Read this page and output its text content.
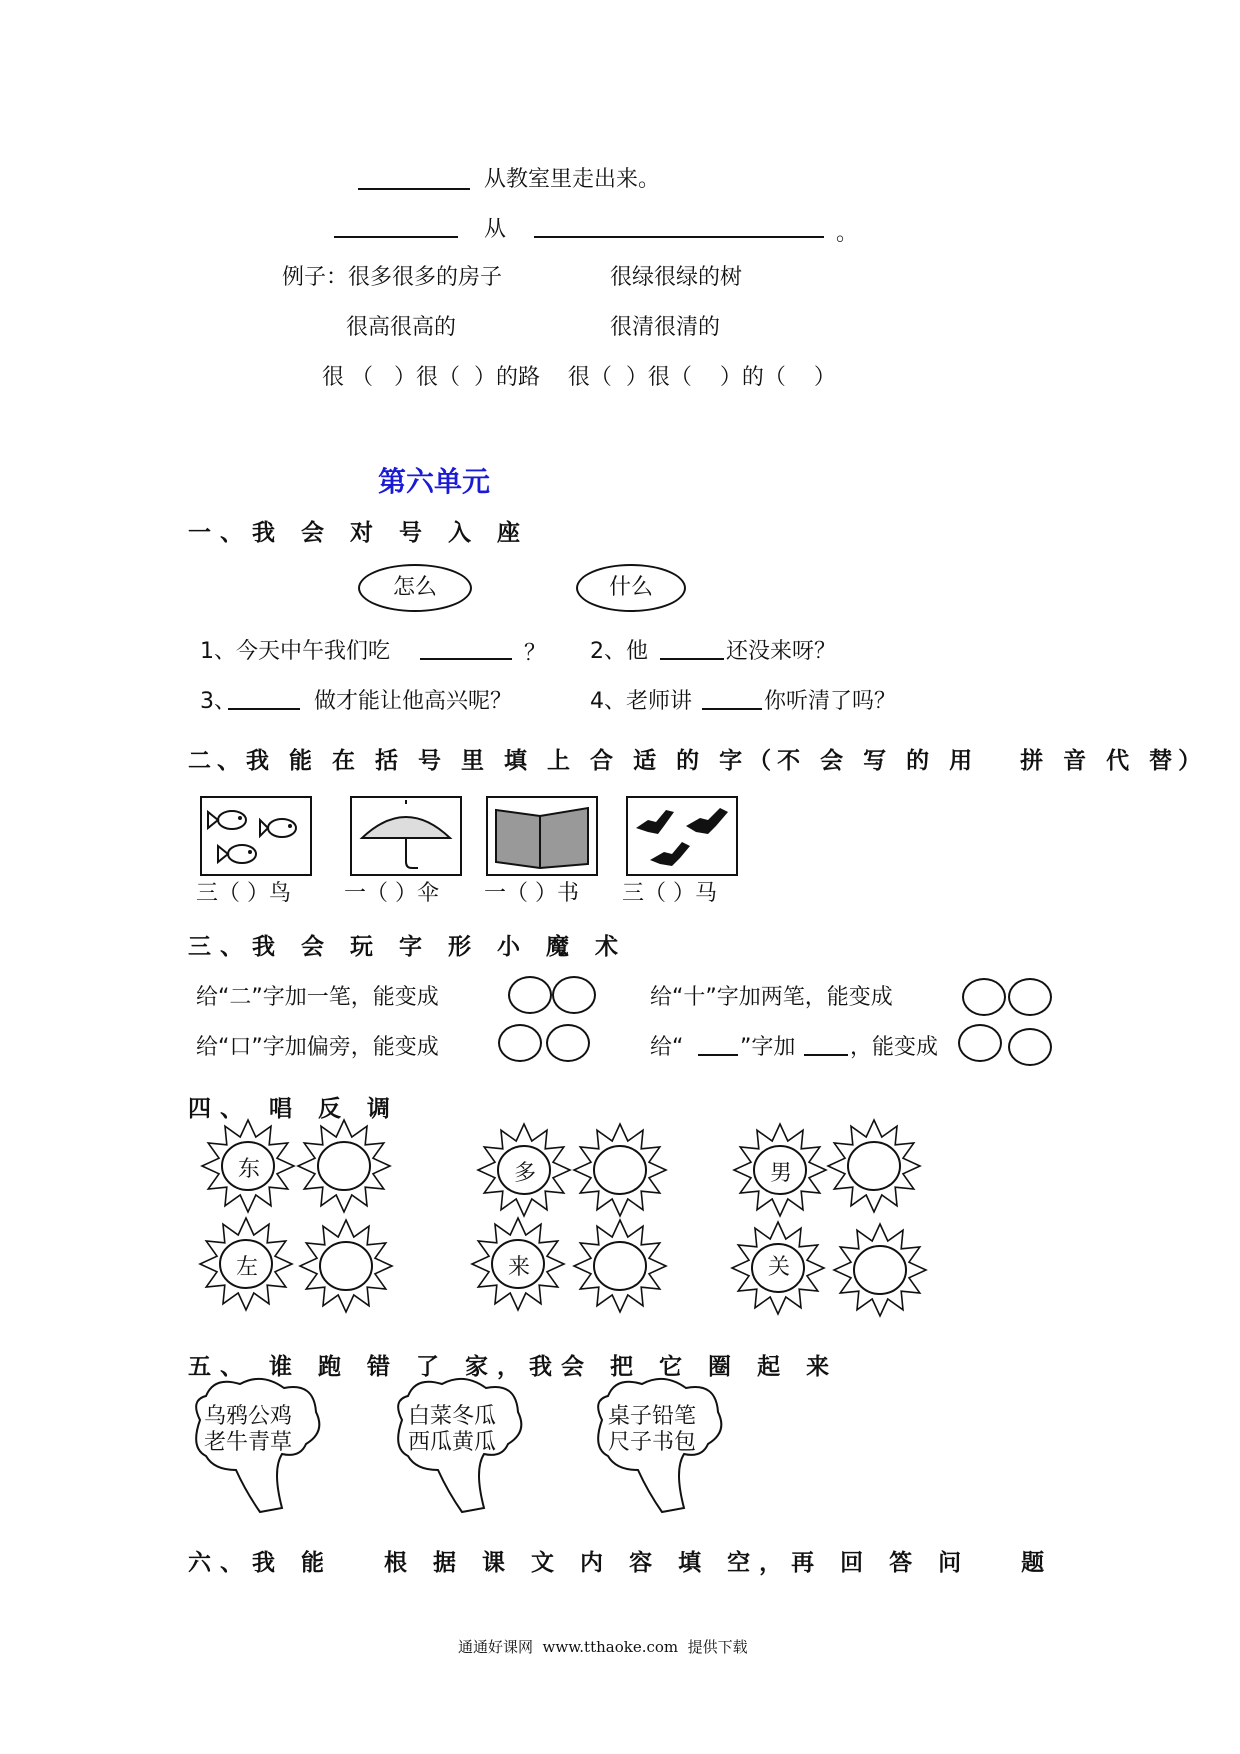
从教室里走出来。
从	。
例子：很多很多的房子	很绿很绿的树
很高很高的	很清很清的
很 （   ）很（  ）的路    很（  ）很（    ）的（    ）
第六单元
一、我 会 对 号 入 座
怎么	什么
1、今天中午我们吃	？ 2、他	还没来呀？
3、	做才能让他高兴呢？	4、老师讲	你听清了吗？
二、我 能 在 括 号 里 填 上 合 适 的 字（不 会 写 的 用   拼 音 代 替）
三（ ）鸟 一（ ）伞 一（ ）书 三（ ）马
三、我 会 玩 字 形 小 魔 术
给“二”字加一笔，能变成	给“十”字加两笔，能变成
给“口”字加偏旁，能变成	给“	”字加 ，能变成
四、 唱 反 调
东	多	男
左	来	关
五、 谁 跑 错 了 家，我会 把 它 圈 起 来
乌鸦公鸡
老牛青草
白菜冬瓜
西瓜黄瓜
桌子铅笔
尺子书包
六、我 能   根 据 课 文 内 容 填 空，再 回 答 问   题
通通好课网  www.tthaoke.com  提供下载
